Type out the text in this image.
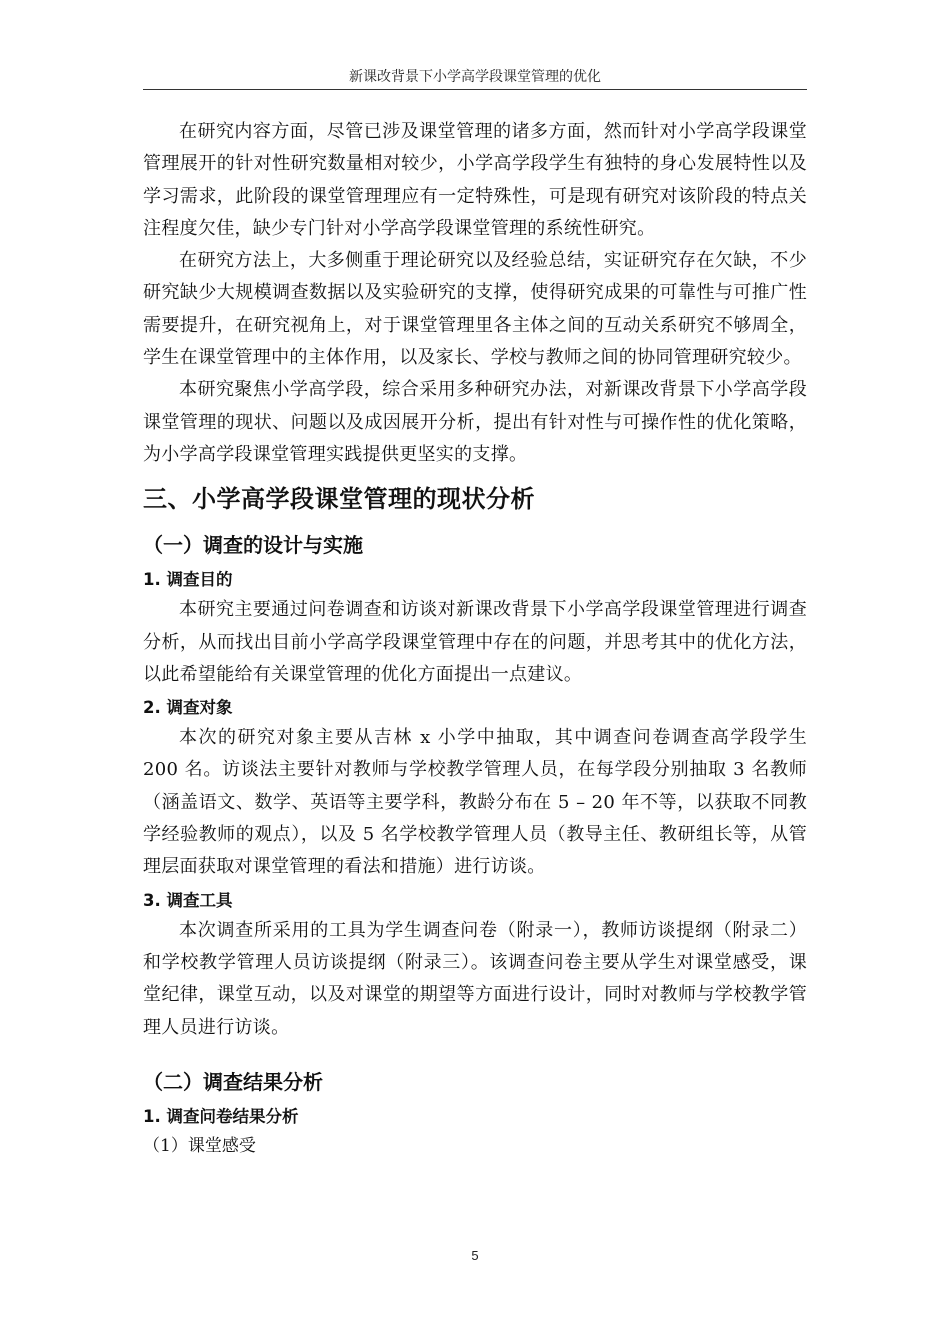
新课改背景下小学高学段课堂管理的优化

在研究内容方面，尽管已涉及课堂管理的诸多方面，然而针对小学高学段课堂管理展开的针对性研究数量相对较少，小学高学段学生有独特的身心发展特性以及学习需求，此阶段的课堂管理理应有一定特殊性，可是现有研究对该阶段的特点关注程度欠佳，缺少专门针对小学高学段课堂管理的系统性研究。

在研究方法上，大多侧重于理论研究以及经验总结，实证研究存在欠缺，不少研究缺少大规模调查数据以及实验研究的支撑，使得研究成果的可靠性与可推广性需要提升，在研究视角上，对于课堂管理里各主体之间的互动关系研究不够周全，学生在课堂管理中的主体作用，以及家长、学校与教师之间的协同管理研究较少。

本研究聚焦小学高学段，综合采用多种研究办法，对新课改背景下小学高学段课堂管理的现状、问题以及成因展开分析，提出有针对性与可操作性的优化策略，为小学高学段课堂管理实践提供更坚实的支撑。

三、小学高学段课堂管理的现状分析
（一）调查的设计与实施
1. 调查目的

本研究主要通过问卷调查和访谈对新课改背景下小学高学段课堂管理进行调查分析，从而找出目前小学高学段课堂管理中存在的问题，并思考其中的优化方法，以此希望能给有关课堂管理的优化方面提出一点建议。

2. 调查对象

本次的研究对象主要从吉林 x 小学中抽取，其中调查问卷调查高学段学生 200 名。访谈法主要针对教师与学校教学管理人员，在每学段分别抽取 3 名教师（涵盖语文、数学、英语等主要学科，教龄分布在 5 – 20 年不等，以获取不同教学经验教师的观点），以及 5 名学校教学管理人员（教导主任、教研组长等，从管理层面获取对课堂管理的看法和措施）进行访谈。

3. 调查工具

本次调查所采用的工具为学生调查问卷（附录一），教师访谈提纲（附录二）和学校教学管理人员访谈提纲（附录三）。该调查问卷主要从学生对课堂感受，课堂纪律，课堂互动，以及对课堂的期望等方面进行设计，同时对教师与学校教学管理人员进行访谈。

（二）调查结果分析
1. 调查问卷结果分析
（1）课堂感受
5
